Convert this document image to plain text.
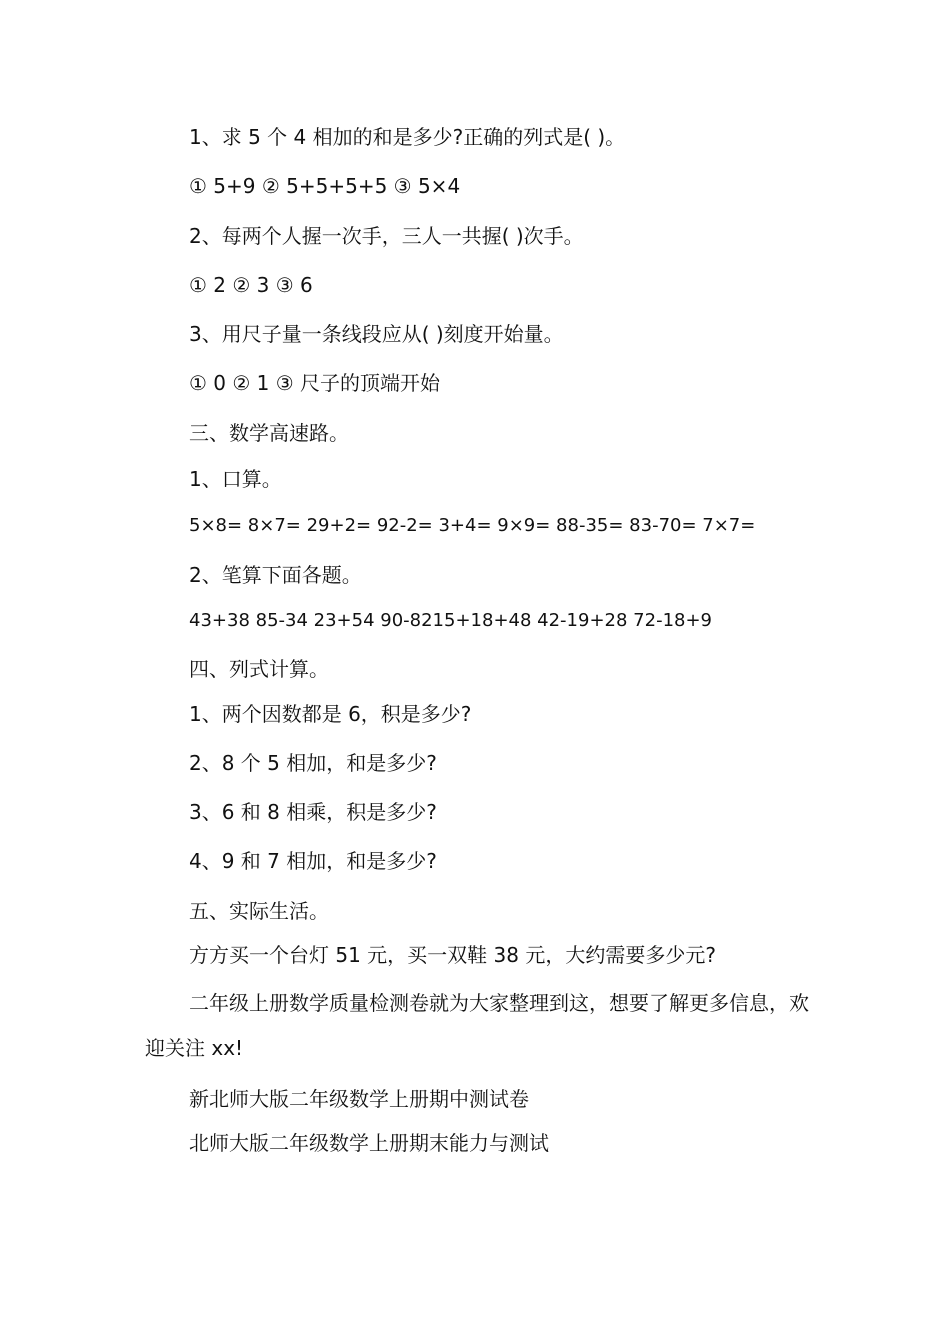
1、求 5 个 4 相加的和是多少?正确的列式是( )。
① 5+9 ② 5+5+5+5 ③ 5×4
2、每两个人握一次手，三人一共握( )次手。
① 2 ② 3 ③ 6
3、用尺子量一条线段应从( )刻度开始量。
① 0 ② 1 ③ 尺子的顶端开始
三、数学高速路。
1、口算。
5×8= 8×7= 29+2= 92-2= 3+4= 9×9= 88-35= 83-70= 7×7=
2、笔算下面各题。
43+38 85-34 23+54 90-8215+18+48 42-19+28 72-18+9
四、列式计算。
1、两个因数都是 6，积是多少?
2、8 个 5 相加，和是多少?
3、6 和 8 相乘，积是多少?
4、9 和 7 相加，和是多少?
五、实际生活。
方方买一个台灯 51 元，买一双鞋 38 元，大约需要多少元?
二年级上册数学质量检测卷就为大家整理到这，想要了解更多信息，欢迎关注 xx!
新北师大版二年级数学上册期中测试卷
北师大版二年级数学上册期末能力与测试
